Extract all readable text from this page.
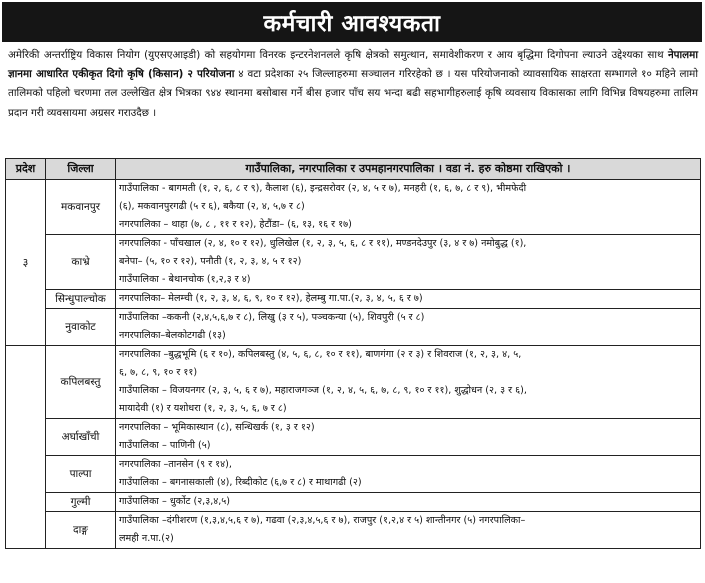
कर्मचारी आवश्यकता
अमेरिकी अन्तर्राष्ट्रिय विकास नियोग (युएसएआइडी) को सहयोगमा विनरक इन्टरनेशनलले कृषि क्षेत्रको समुत्थान, समावेशीकरण र आय बृद्धिमा दिगोपना ल्याउने उद्देश्यका साथ नेपालमा ज्ञानमा आधारित एकीकृत दिगो कृषि (किसान) २ परियोजना ४ वटा प्रदेशका २५ जिल्लाहरुमा सञ्चालन गरिरहेको छ । यस परियोजनाको व्यावसायिक साक्षरता सम्भागले १० महिने लामो तालिमको पहिलो चरणमा तल उल्लेखित क्षेत्र भित्रका ९४४ स्थानमा बसोबास गर्ने बीस हजार पाँच सय भन्दा बढी सहभागीहरुलाई कृषि व्यवसाय विकासका लागि विभिन्न विषयहरुमा तालिम प्रदान गरी व्यवसायमा अग्रसर गराउदैछ ।
प्रदेश	जिल्ला	गाउँपालिका, नगरपालिका र उपमहानगरपालिका । वडा नं. हरु कोष्ठमा राखिएको ।
३	मकवानपुर	गाउँपालिका - बागमती (१, २, ६, ८ र ९), कैलाश (६), इन्द्रसरोवर (२, ४, ५ र ७), मनहरी (१, ६, ७, ८ र ९), भीमफेदी
(६), मकवानपुरगढी (५ र ६), बकैया (२, ४, ५,७ र ८)
नगरपालिका – थाहा (७, ८ , ११ र १२), हेटौंडा– (६, १३, १६ र १७)

	काभ्रे	नगरपालिका - पाँचखाल (२, ४, १० र १२), धुलिखेल (१, २, ३, ५, ६, ८ र ११), मण्डनदेउपुर (३, ४ र ७) नमोबुद्ध (१),
बनेपा– (५, १० र १२), पनौती (१, २, ३, ४, ५ र १२)
गाउँपालिका - बेथानचोक (१,२,३ र ४)

	सिन्धुपाल्चोक	नगरपालिका– मेलम्ची (१, २, ३, ४, ६, ९, १० र १२), हेलम्बु गा.पा.(२, ३, ४, ५, ६ र ७)

	नुवाकोट	गाउँपालिका –ककनी (२,४,५,६,७ र ८), लिखु (३ र ५), पञ्चकन्या (५), शिवपुरी (५ र ८)
नगरपालिका–बेलकोटगढी (१३)

	कपिलबस्तु	नगरपालिका –बुद्धभूमि (६ र १०), कपिलबस्तु (४, ५, ६, ८, १० र ११), बाणगंगा (२ र ३) र शिवराज (१, २, ३, ४, ५,
६, ७, ८, ९, १० र ११)
गाउँपालिका – विजयनगर (२, ३, ५, ६ र ७), महाराजगञ्ज (१, २, ४, ५, ६, ७, ८, ९, १० र ११), शुद्धोधन (२, ३ र ६),
मायादेवी (१) र यशोधरा (१, २, ३, ५, ६, ७ र ८)

	अर्घाखाँची	नगरपालिका – भूमिकास्थान (८), सन्धिखर्क (१, ३ र १२)
गाउँपालिका – पाणिनी (५)

	पाल्पा	नगरपालिका –तानसेन (९ र १४),
गाउँपालिका – बगनासकाली (४), रिब्दीकोट (६,७ र ८) र माथागढी (२)

	गुल्मी	गाउँपालिका – धुर्कोट (२,३,४,५)

	दाङ्ग	गाउँपालिका –दंगीशरण (१,३,४,५,६ र ७), गढवा (२,३,४,५,६ र ७), राजपुर (१,२,४ र ५) शान्तीनगर (५) नगरपालिका–
लमही न.पा.(२)
